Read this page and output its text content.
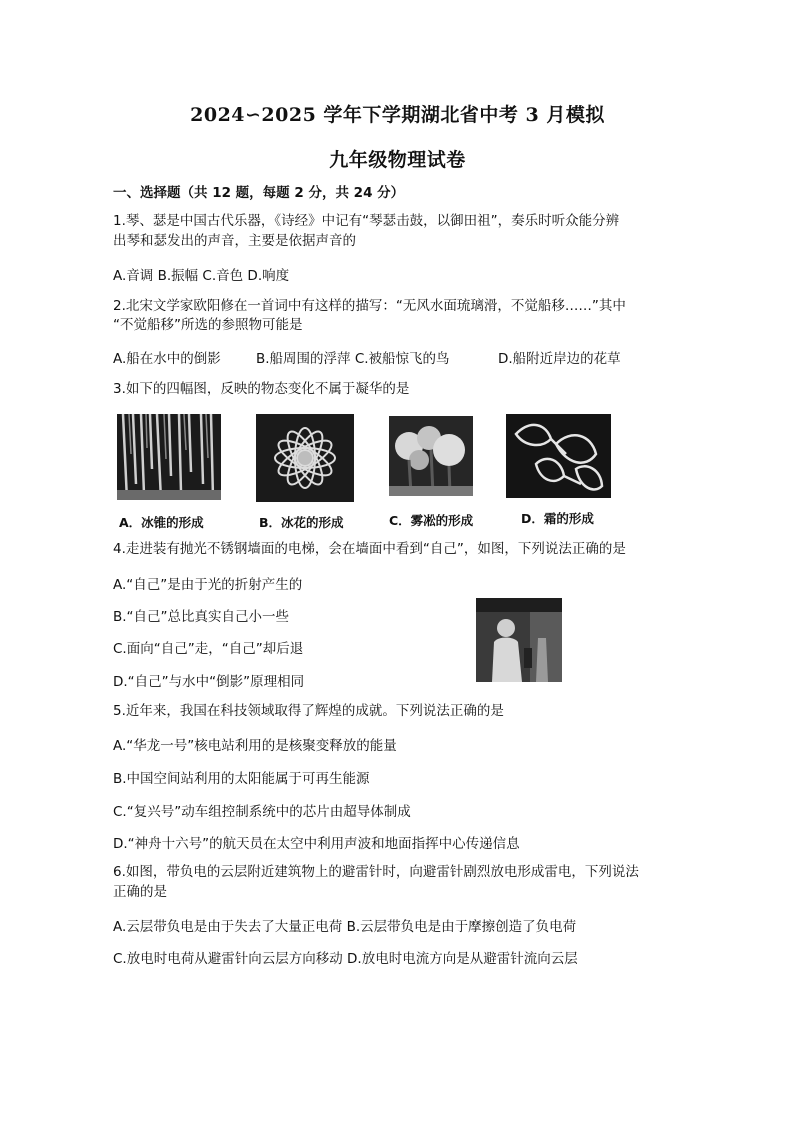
2024∽2025 学年下学期湖北省中考 3 月模拟
九年级物理试卷
一、选择题（共 12 题，每题 2 分，共 24 分）
1.琴、瑟是中国古代乐器，《诗经》中记有“琴瑟击鼓，以御田祖”，奏乐时听众能分辨
出琴和瑟发出的声音，主要是依据声音的
A.音调 B.振幅 C.音色 D.响度
2.北宋文学家欧阳修在一首词中有这样的描写：“无风水面琉璃滑，不觉船移……”其中
“不觉船移”所选的参照物可能是
A.船在水中的倒影	B.船周围的浮萍 C.被船惊飞的鸟	D.船附近岸边的花草
3.如下的四幅图，反映的物态变化不属于凝华的是
A．冰锥的形成	B．冰花的形成	C．雾凇的形成	D．霜的形成
4.走进装有抛光不锈钢墙面的电梯，会在墙面中看到“自己”，如图，下列说法正确的是
A.“自己”是由于光的折射产生的
B.“自己”总比真实自己小一些
C.面向“自己”走，“自己”却后退
D.“自己”与水中“倒影”原理相同
5.近年来，我国在科技领域取得了辉煌的成就。下列说法正确的是
A.“华龙一号”核电站利用的是核聚变释放的能量
B.中国空间站利用的太阳能属于可再生能源
C.“复兴号”动车组控制系统中的芯片由超导体制成
D.“神舟十六号”的航天员在太空中利用声波和地面指挥中心传递信息
6.如图，带负电的云层附近建筑物上的避雷针时，向避雷针剧烈放电形成雷电，下列说法
正确的是
A.云层带负电是由于失去了大量正电荷 B.云层带负电是由于摩擦创造了负电荷
C.放电时电荷从避雷针向云层方向移动 D.放电时电流方向是从避雷针流向云层
